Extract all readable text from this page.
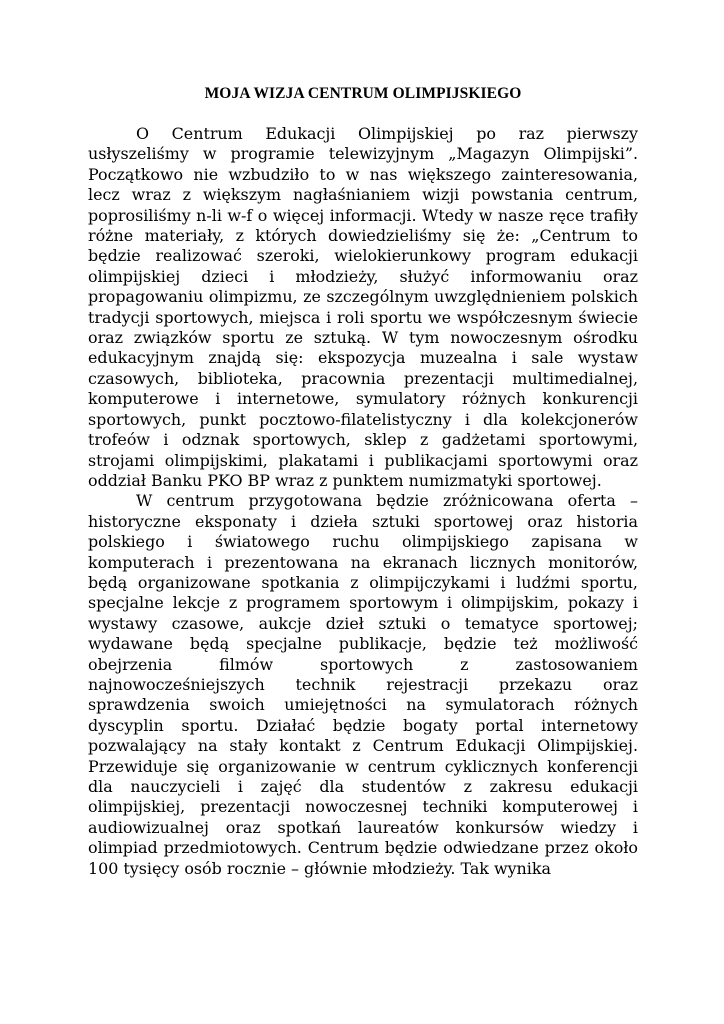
MOJA WIZJA CENTRUM OLIMPIJSKIEGO

O Centrum Edukacji Olimpijskiej po raz pierwszy usłyszeliśmy w programie telewizyjnym „Magazyn Olimpijski”. Początkowo nie wzbudziło to w nas większego zainteresowania, lecz wraz z większym nagłaśnianiem wizji powstania centrum, poprosiliśmy n-li w-f o więcej informacji. Wtedy w nasze ręce trafiły różne materiały, z których dowiedzieliśmy się że: „Centrum to będzie realizować szeroki, wielokierunkowy program edukacji olimpijskiej dzieci i młodzieży, służyć informowaniu oraz propagowaniu olimpizmu, ze szczególnym uwzględnieniem polskich tradycji sportowych, miejsca i roli sportu we współczesnym świecie oraz związków sportu ze sztuką. W tym nowoczesnym ośrodku edukacyjnym znajdą się: ekspozycja muzealna i sale wystaw czasowych, biblioteka, pracownia prezentacji multimedialnej, komputerowe i internetowe, symulatory różnych konkurencji sportowych, punkt pocztowo-filatelistyczny i dla kolekcjonerów trofeów i odznak sportowych, sklep z gadżetami sportowymi, strojami olimpijskimi, plakatami i publikacjami sportowymi oraz oddział Banku PKO BP wraz z punktem numizmatyki sportowej.

W centrum przygotowana będzie zróżnicowana oferta – historyczne eksponaty i dzieła sztuki sportowej oraz historia polskiego i światowego ruchu olimpijskiego zapisana w komputerach i prezentowana na ekranach licznych monitorów, będą organizowane spotkania z olimpijczykami i ludźmi sportu, specjalne lekcje z programem sportowym i olimpijskim, pokazy i wystawy czasowe, aukcje dzieł sztuki o tematyce sportowej; wydawane będą specjalne publikacje, będzie też możliwość obejrzenia filmów sportowych z zastosowaniem najnowocześniejszych technik rejestracji przekazu oraz sprawdzenia swoich umiejętności na symulatorach różnych dyscyplin sportu. Działać będzie bogaty portal internetowy pozwalający na stały kontakt z Centrum Edukacji Olimpijskiej. Przewiduje się organizowanie w centrum cyklicznych konferencji dla nauczycieli i zajęć dla studentów z zakresu edukacji olimpijskiej, prezentacji nowoczesnej techniki komputerowej i audiowizualnej oraz spotkań laureatów konkursów wiedzy i olimpiad przedmiotowych. Centrum będzie odwiedzane przez około 100 tysięcy osób rocznie – głównie młodzieży. Tak wynika
